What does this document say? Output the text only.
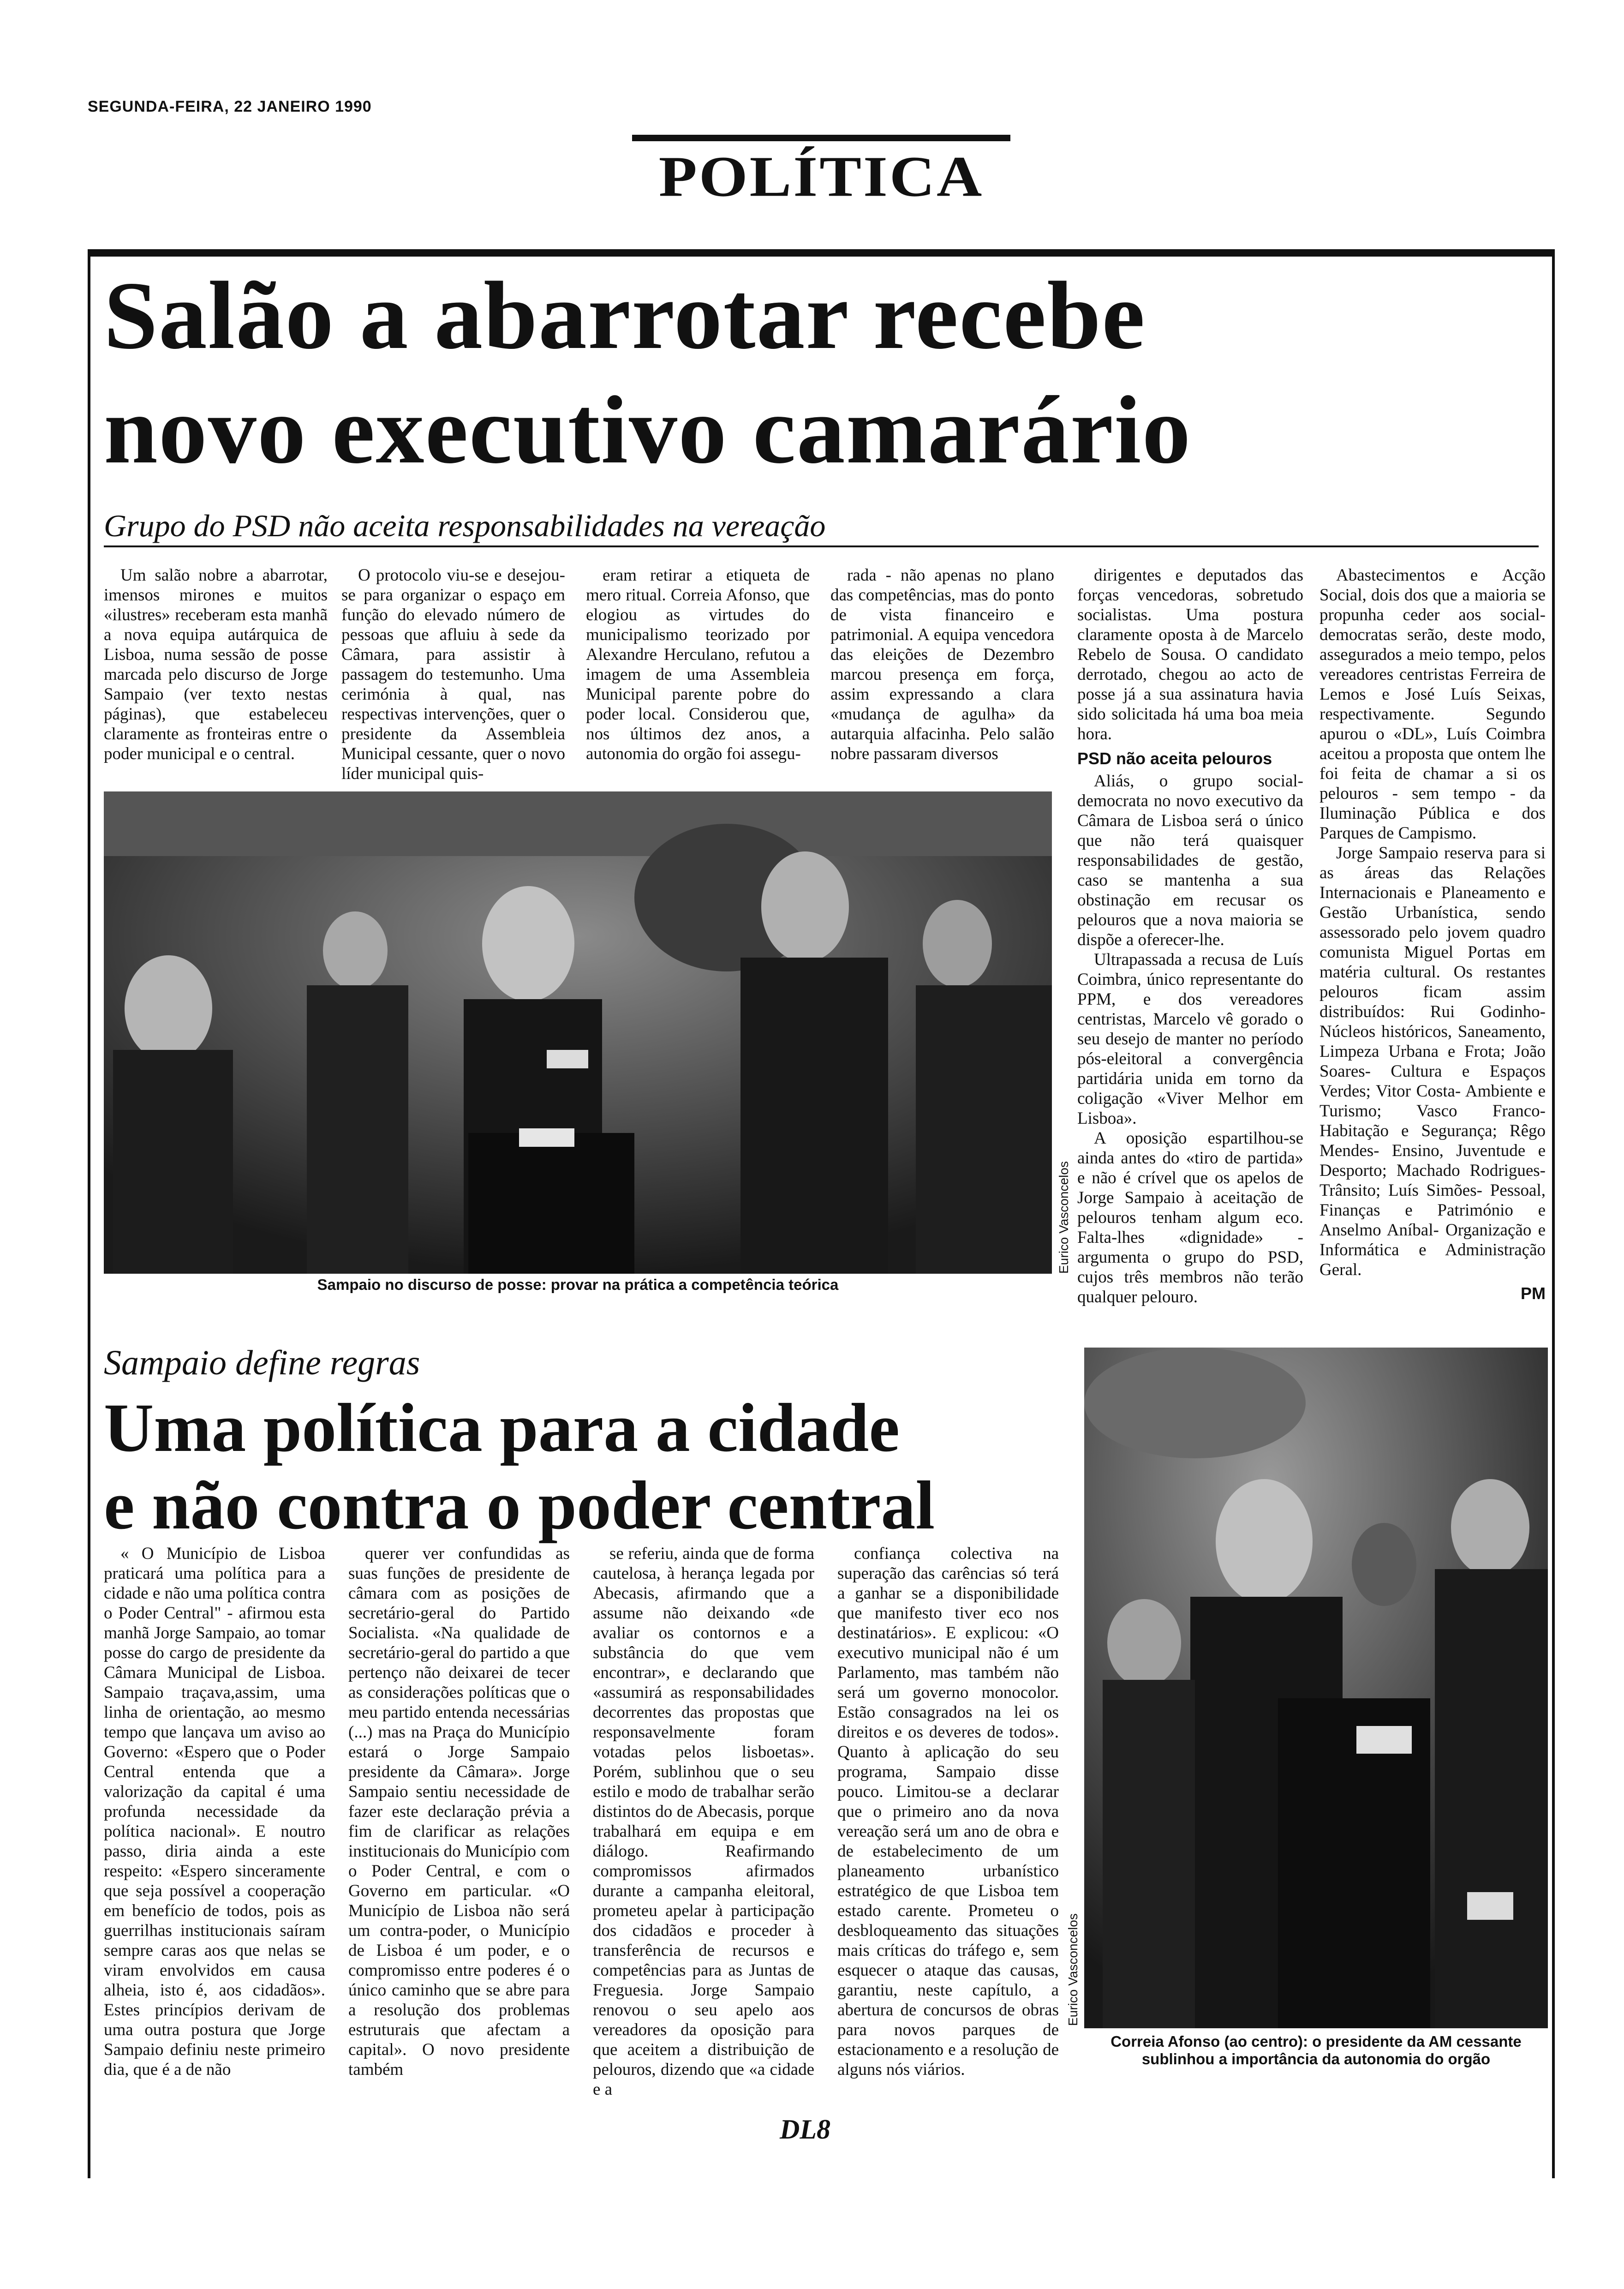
SEGUNDA-FEIRA, 22 JANEIRO 1990
POLÍTICA
Salão a abarrotar recebe
novo executivo camarário
Grupo do PSD não aceita responsabilidades na vereação

Um salão nobre a abarrotar, imensos mirones e muitos «ilustres» receberam esta manhã a nova equipa autárquica de Lisboa, numa sessão de posse marcada pelo discurso de Jorge Sampaio (ver texto nestas páginas), que estabeleceu claramente as fronteiras entre o poder municipal e o central.

O protocolo viu-se e desejou-se para organizar o espaço em função do elevado número de pessoas que afluiu à sede da Câmara, para assistir à passagem do testemunho. Uma cerimónia à qual, nas respectivas intervenções, quer o presidente da Assembleia Municipal cessante, quer o novo líder municipal quis-

eram retirar a etiqueta de mero ritual. Correia Afonso, que elogiou as virtudes do municipalismo teorizado por Alexandre Herculano, refutou a imagem de uma Assembleia Municipal parente pobre do poder local. Considerou que, nos últimos dez anos, a autonomia do orgão foi assegu-

rada - não apenas no plano das competências, mas do ponto de vista financeiro e patrimonial. A equipa vencedora das eleições de Dezembro marcou presença em força, assim expressando a clara «mudança de agulha» da autarquia alfacinha. Pelo salão nobre passaram diversos

dirigentes e deputados das forças vencedoras, sobretudo socialistas. Uma postura claramente oposta à de Marcelo Rebelo de Sousa. O candidato derrotado, chegou ao acto de posse já a sua assinatura havia sido solicitada há uma boa meia hora.

PSD não aceita pelouros

Aliás, o grupo social-democrata no novo executivo da Câmara de Lisboa será o único que não terá quaisquer responsabilidades de gestão, caso se mantenha a sua obstinação em recusar os pelouros que a nova maioria se dispõe a oferecer-lhe.

Ultrapassada a recusa de Luís Coimbra, único representante do PPM, e dos vereadores centristas, Marcelo vê gorado o seu desejo de manter no período pós-eleitoral a convergência partidária unida em torno da coligação «Viver Melhor em Lisboa».

A oposição espartilhou-se ainda antes do «tiro de partida» e não é crível que os apelos de Jorge Sampaio à aceitação de pelouros tenham algum eco. Falta-lhes «dignidade» - argumenta o grupo do PSD, cujos três membros não terão qualquer pelouro.

Abastecimentos e Acção Social, dois dos que a maioria se propunha ceder aos social-democratas serão, deste modo, assegurados a meio tempo, pelos vereadores centristas Ferreira de Lemos e José Luís Seixas, respectivamente. Segundo apurou o «DL», Luís Coimbra aceitou a proposta que ontem lhe foi feita de chamar a si os pelouros - sem tempo - da Iluminação Pública e dos Parques de Campismo.

Jorge Sampaio reserva para si as áreas das Relações Internacionais e Planeamento e Gestão Urbanística, sendo assessorado pelo jovem quadro comunista Miguel Portas em matéria cultural. Os restantes pelouros ficam assim distribuídos: Rui Godinho- Núcleos históricos, Saneamento, Limpeza Urbana e Frota; João Soares- Cultura e Espaços Verdes; Vitor Costa- Ambiente e Turismo; Vasco Franco- Habitação e Segurança; Rêgo Mendes- Ensino, Juventude e Desporto; Machado Rodrigues- Trânsito; Luís Simões- Pessoal, Finanças e Património e Anselmo Aníbal- Organização e Informática e Administração Geral.

PM
Eurico Vasconcelos
Sampaio no discurso de posse: provar na prática a competência teórica
Sampaio define regras
Uma política para a cidade
e não contra o poder central

« O Município de Lisboa praticará uma política para a cidade e não uma política contra o Poder Central" - afirmou esta manhã Jorge Sampaio, ao tomar posse do cargo de presidente da Câmara Municipal de Lisboa. Sampaio traçava,assim, uma linha de orientação, ao mesmo tempo que lançava um aviso ao Governo: «Espero que o Poder Central entenda que a valorização da capital é uma profunda necessidade da política nacional». E noutro passo, diria ainda a este respeito: «Espero sinceramente que seja possível a cooperação em benefício de todos, pois as guerrilhas institucionais saíram sempre caras aos que nelas se viram envolvidos em causa alheia, isto é, aos cidadãos». Estes princípios derivam de uma outra postura que Jorge Sampaio definiu neste primeiro dia, que é a de não

querer ver confundidas as suas funções de presidente de câmara com as posições de secretário-geral do Partido Socialista. «Na qualidade de secretário-geral do partido a que pertenço não deixarei de tecer as considerações políticas que o meu partido entenda necessárias (...) mas na Praça do Município estará o Jorge Sampaio presidente da Câmara». Jorge Sampaio sentiu necessidade de fazer este declaração prévia a fim de clarificar as relações institucionais do Município com o Poder Central, e com o Governo em particular. «O Município de Lisboa não será um contra-poder, o Município de Lisboa é um poder, e o compromisso entre poderes é o único caminho que se abre para a resolução dos problemas estruturais que afectam a capital». O novo presidente também

se referiu, ainda que de forma cautelosa, à herança legada por Abecasis, afirmando que a assume não deixando «de avaliar os contornos e a substância do que vem encontrar», e declarando que «assumirá as responsabilidades decorrentes das propostas que responsavelmente foram votadas pelos lisboetas». Porém, sublinhou que o seu estilo e modo de trabalhar serão distintos do de Abecasis, porque trabalhará em equipa e em diálogo. Reafirmando compromissos afirmados durante a campanha eleitoral, prometeu apelar à participação dos cidadãos e proceder à transferência de recursos e competências para as Juntas de Freguesia. Jorge Sampaio renovou o seu apelo aos vereadores da oposição para que aceitem a distribuição de pelouros, dizendo que «a cidade e a

confiança colectiva na superação das carências só terá a ganhar se a disponibilidade que manifesto tiver eco nos destinatários». E explicou: «O executivo municipal não é um Parlamento, mas também não será um governo monocolor. Estão consagrados na lei os direitos e os deveres de todos». Quanto à aplicação do seu programa, Sampaio disse pouco. Limitou-se a declarar que o primeiro ano da nova vereação será um ano de obra e de estabelecimento de um planeamento urbanístico estratégico de que Lisboa tem estado carente. Prometeu o desbloqueamento das situações mais críticas do tráfego e, sem esquecer o ataque das causas, garantiu, neste capítulo, a abertura de concursos de obras para novos parques de estacionamento e a resolução de alguns nós viários.

Eurico Vasconcelos
Correia Afonso (ao centro): o presidente da AM cessante sublinhou a importância da autonomia do orgão
DL8
